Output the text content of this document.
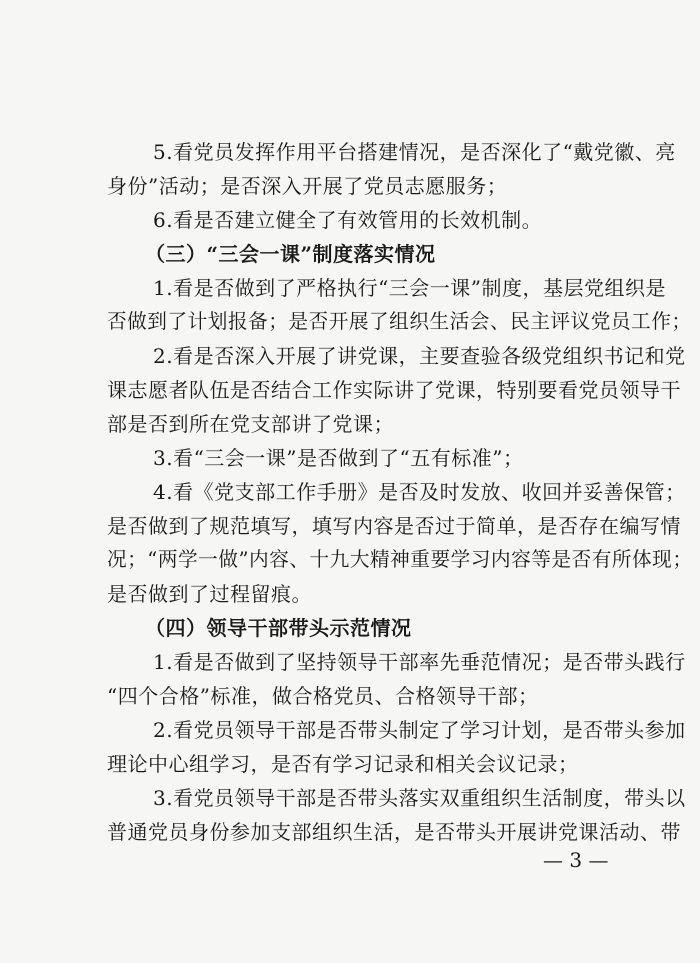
5.看党员发挥作用平台搭建情况，是否深化了“戴党徽、亮
身份”活动；是否深入开展了党员志愿服务；
6.看是否建立健全了有效管用的长效机制。
（三）“三会一课”制度落实情况
1.看是否做到了严格执行“三会一课”制度，基层党组织是
否做到了计划报备；是否开展了组织生活会、民主评议党员工作；
2.看是否深入开展了讲党课，主要查验各级党组织书记和党
课志愿者队伍是否结合工作实际讲了党课，特别要看党员领导干
部是否到所在党支部讲了党课；
3.看“三会一课”是否做到了“五有标准”；
4.看《党支部工作手册》是否及时发放、收回并妥善保管；
是否做到了规范填写，填写内容是否过于简单，是否存在编写情
况；“两学一做”内容、十九大精神重要学习内容等是否有所体现；
是否做到了过程留痕。
（四）领导干部带头示范情况
1.看是否做到了坚持领导干部率先垂范情况；是否带头践行
“四个合格”标准，做合格党员、合格领导干部；
2.看党员领导干部是否带头制定了学习计划，是否带头参加
理论中心组学习，是否有学习记录和相关会议记录；
3.看党员领导干部是否带头落实双重组织生活制度，带头以
普通党员身份参加支部组织生活，是否带头开展讲党课活动、带
— 3 —
